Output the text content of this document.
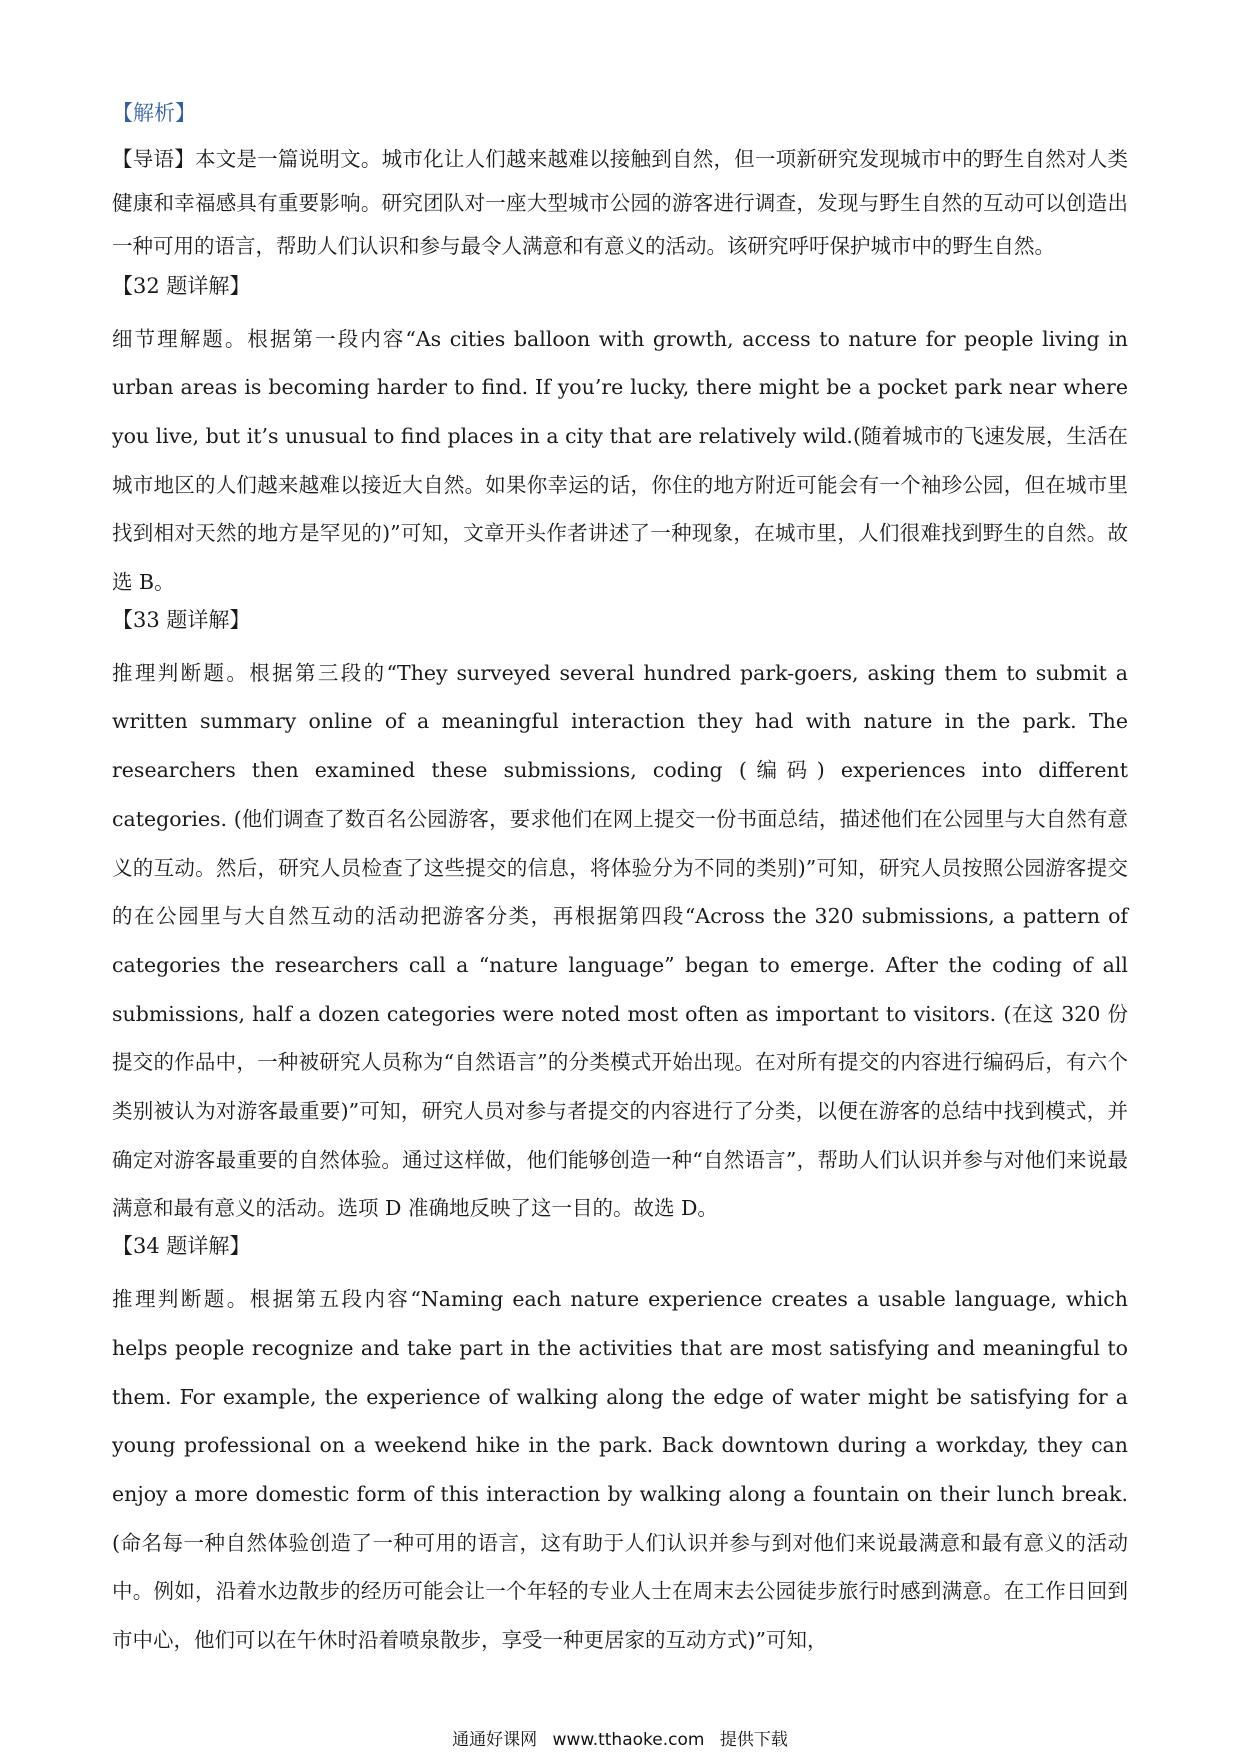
【解析】
【导语】本文是一篇说明文。城市化让人们越来越难以接触到自然，但一项新研究发现城市中的野生自然对人类健康和幸福感具有重要影响。研究团队对一座大型城市公园的游客进行调查，发现与野生自然的互动可以创造出一种可用的语言，帮助人们认识和参与最令人满意和有意义的活动。该研究呼吁保护城市中的野生自然。
【32 题详解】
细节理解题。根据第一段内容“As cities balloon with growth, access to nature for people living in urban areas is becoming harder to find. If you’re lucky, there might be a pocket park near where you live, but it’s unusual to find places in a city that are relatively wild.(随着城市的飞速发展，生活在城市地区的人们越来越难以接近大自然。如果你幸运的话，你住的地方附近可能会有一个袖珍公园，但在城市里找到相对天然的地方是罕见的)”可知，文章开头作者讲述了一种现象，在城市里，人们很难找到野生的自然。故选 B。
【33 题详解】
推理判断题。根据第三段的“They surveyed several hundred park-goers, asking them to submit a written summary online of a meaningful interaction they had with nature in the park. The researchers then examined these submissions, coding (编码) experiences into different categories. (他们调查了数百名公园游客，要求他们在网上提交一份书面总结，描述他们在公园里与大自然有意义的互动。然后，研究人员检查了这些提交的信息，将体验分为不同的类别)”可知，研究人员按照公园游客提交的在公园里与大自然互动的活动把游客分类，再根据第四段“Across the 320 submissions, a pattern of categories the researchers call a “nature language” began to emerge. After the coding of all submissions, half a dozen categories were noted most often as important to visitors. (在这 320 份提交的作品中，一种被研究人员称为“自然语言”的分类模式开始出现。在对所有提交的内容进行编码后，有六个类别被认为对游客最重要)”可知，研究人员对参与者提交的内容进行了分类，以便在游客的总结中找到模式，并确定对游客最重要的自然体验。通过这样做，他们能够创造一种“自然语言”，帮助人们认识并参与对他们来说最满意和最有意义的活动。选项 D 准确地反映了这一目的。故选 D。
【34 题详解】
推理判断题。根据第五段内容“Naming each nature experience creates a usable language, which helps people recognize and take part in the activities that are most satisfying and meaningful to them. For example, the experience of walking along the edge of water might be satisfying for a young professional on a weekend hike in the park. Back downtown during a workday, they can enjoy a more domestic form of this interaction by walking along a fountain on their lunch break. (命名每一种自然体验创造了一种可用的语言，这有助于人们认识并参与到对他们来说最满意和最有意义的活动中。例如，沿着水边散步的经历可能会让一个年轻的专业人士在周末去公园徒步旅行时感到满意。在工作日回到市中心，他们可以在午休时沿着喷泉散步，享受一种更居家的互动方式)”可知，
通通好课网 www.tthaoke.com 提供下载
